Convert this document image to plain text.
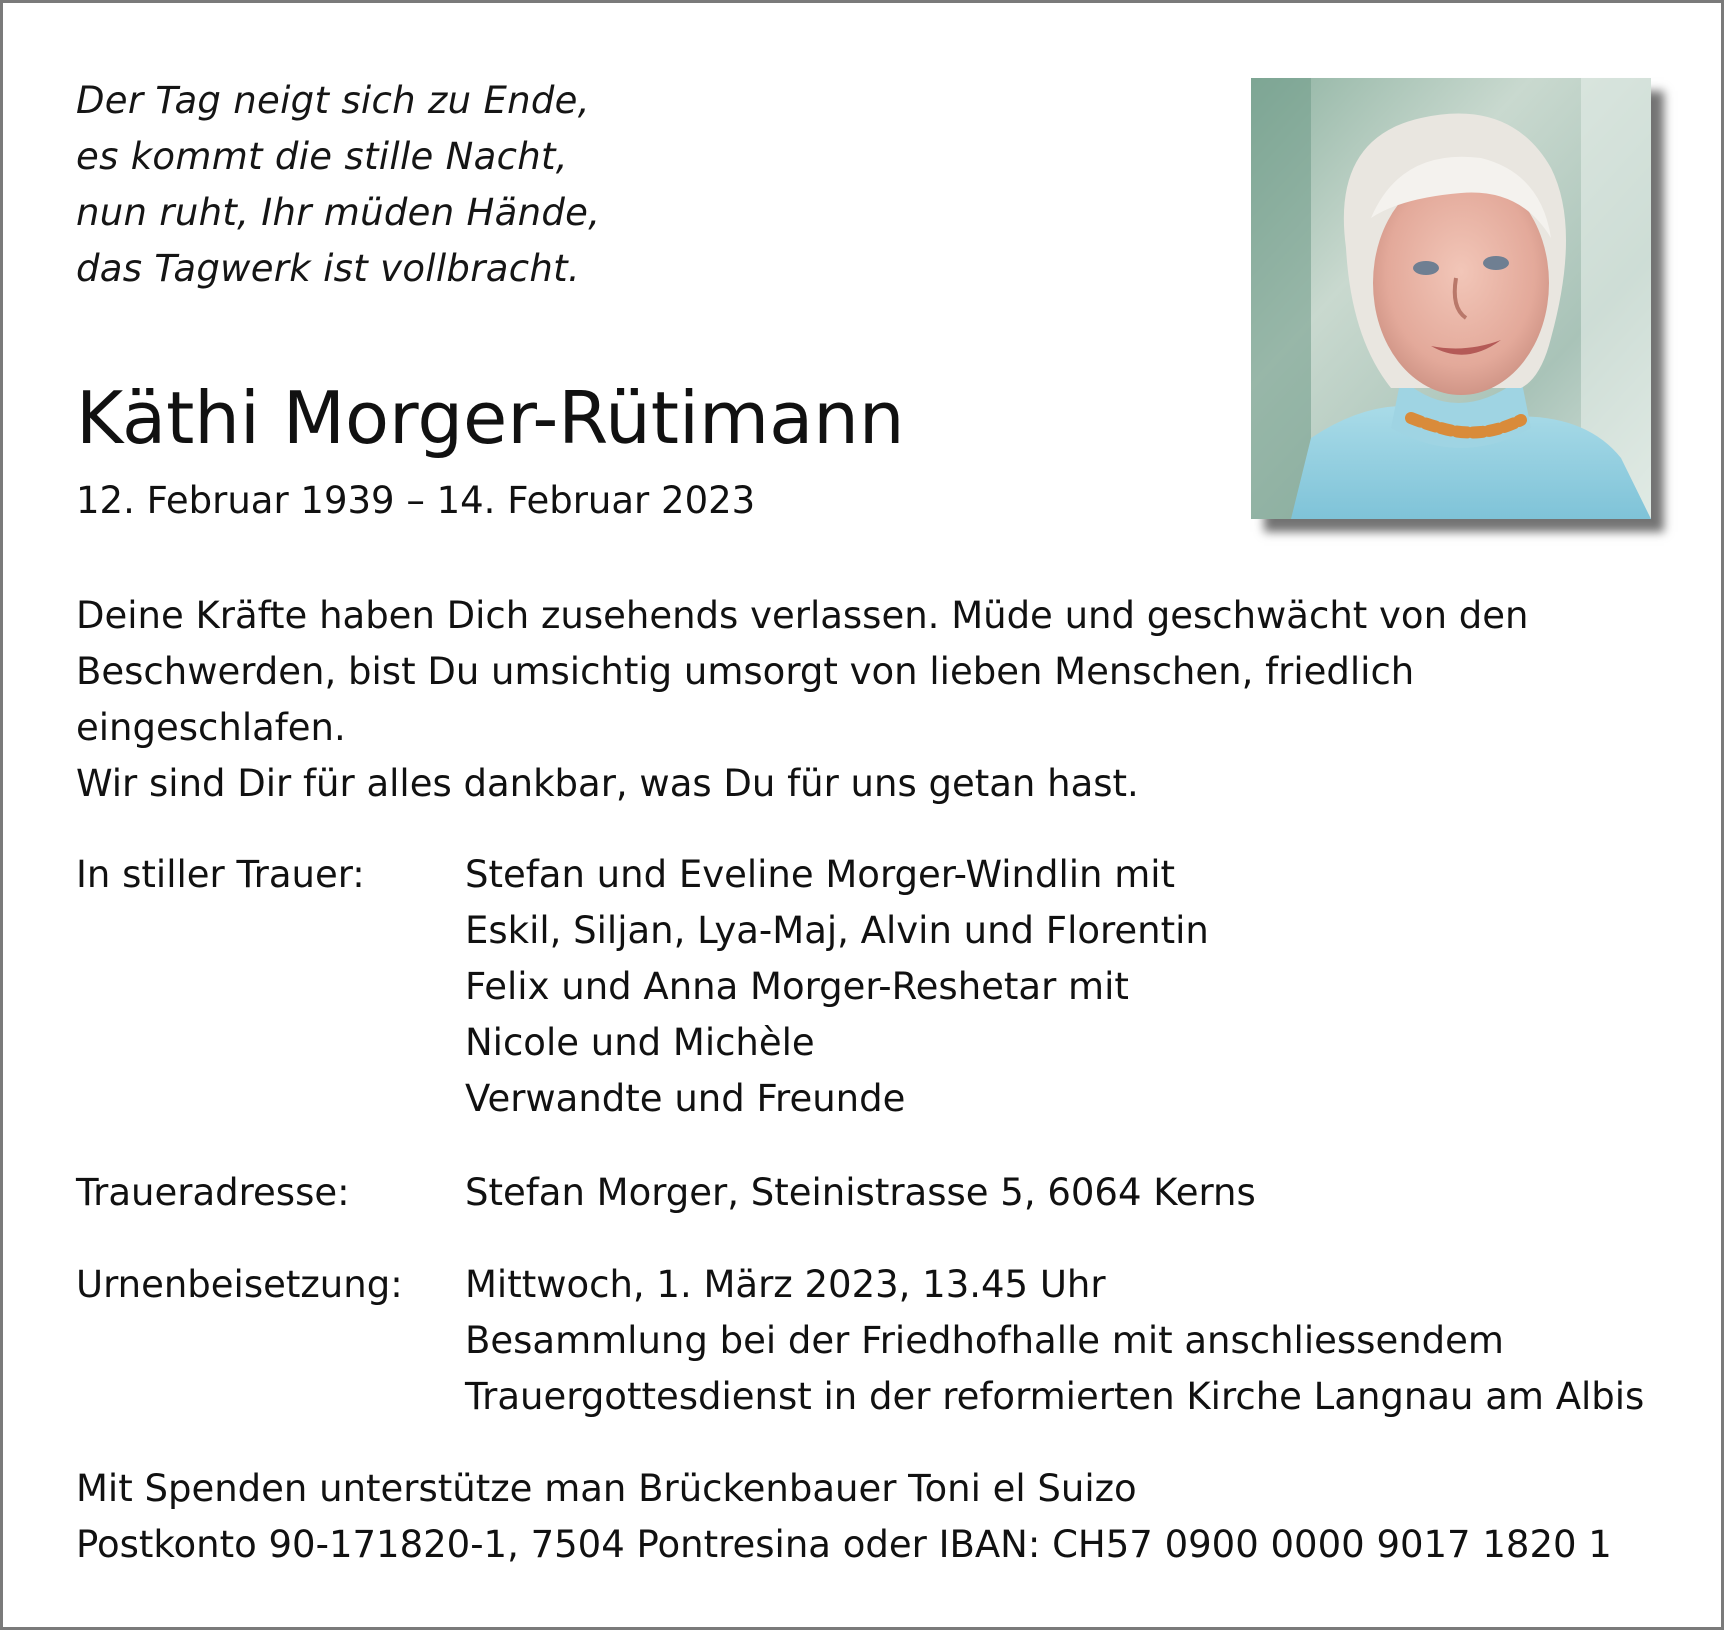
Der Tag neigt sich zu Ende,
es kommt die stille Nacht,
nun ruht, Ihr müden Hände,
das Tagwerk ist vollbracht.
Käthi Morger-Rütimann
12. Februar 1939 – 14. Februar 2023
Deine Kräfte haben Dich zusehends verlassen. Müde und geschwächt von den
Beschwerden, bist Du umsichtig umsorgt von lieben Menschen, friedlich
eingeschlafen.
Wir sind Dir für alles dankbar, was Du für uns getan hast.
In stiller Trauer:	Stefan und Eveline Morger-Windlin mit
Eskil, Siljan, Lya-Maj, Alvin und Florentin
Felix und Anna Morger-Reshetar mit
Nicole und Michèle
Verwandte und Freunde
Traueradresse:	Stefan Morger, Steinistrasse 5, 6064 Kerns
Urnenbeisetzung: Mittwoch, 1. März 2023, 13.45 Uhr
Besammlung bei der Friedhofhalle mit anschliessendem
Trauergottesdienst in der reformierten Kirche Langnau am Albis
Mit Spenden unterstütze man Brückenbauer Toni el Suizo
Postkonto 90-171820-1, 7504 Pontresina oder IBAN: CH57 0900 0000 9017 1820 1
